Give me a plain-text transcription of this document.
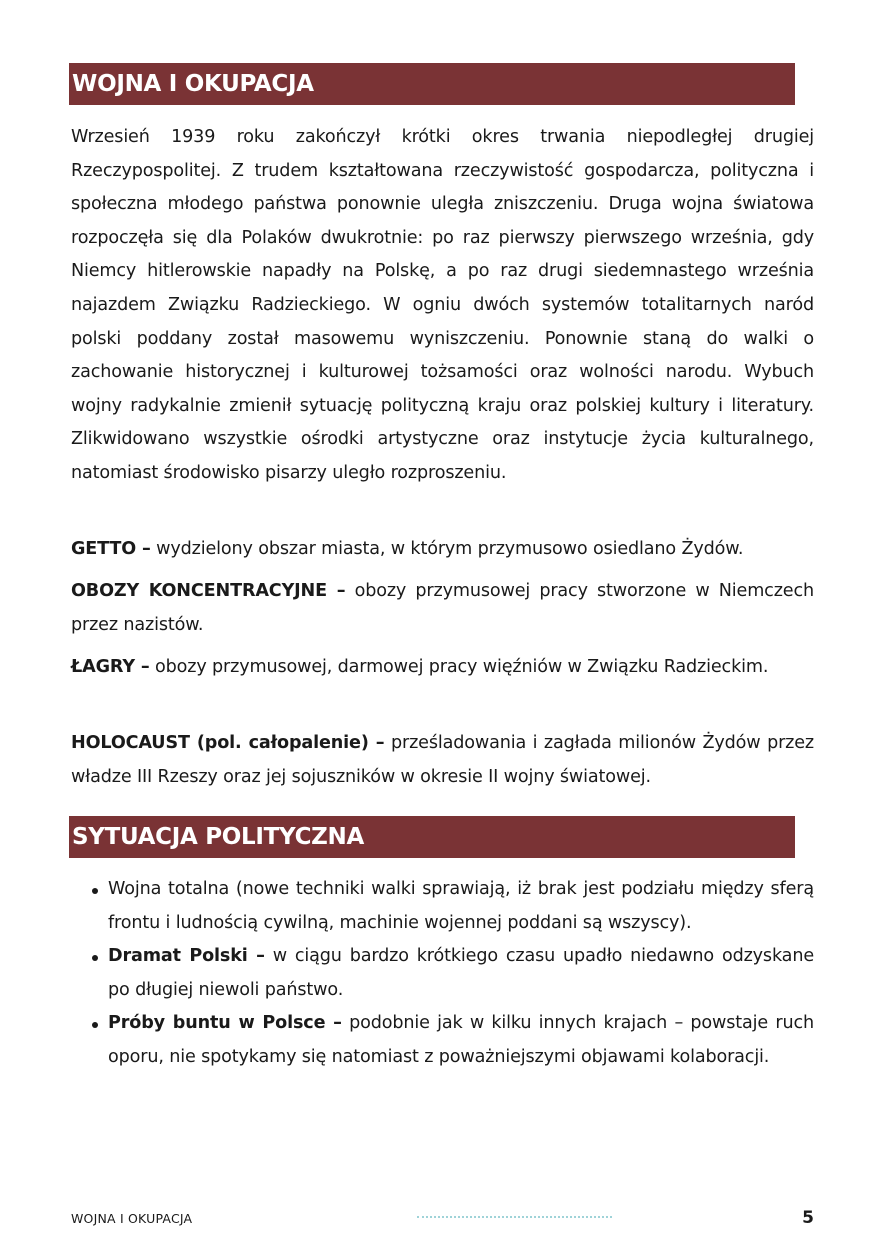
WOJNA I OKUPACJA

Wrzesień 1939 roku zakończył krótki okres trwania niepodległej drugiej Rzeczypospolitej. Z trudem kształtowana rzeczywistość gospodarcza, polityczna i społeczna młodego państwa ponownie uległa zniszczeniu. Druga wojna światowa rozpoczęła się dla Polaków dwukrotnie: po raz pierwszy pierwszego września, gdy Niemcy hitlerowskie napadły na Polskę, a po raz drugi siedemnastego września najazdem Związku Radzieckiego. W ogniu dwóch systemów totalitarnych naród polski poddany został masowemu wyniszczeniu. Ponownie staną do walki o zachowanie historycznej i kulturowej tożsamości oraz wolności narodu. Wybuch wojny radykalnie zmienił sytuację polityczną kraju oraz polskiej kultury i literatury. Zlikwidowano wszystkie ośrodki artystyczne oraz instytucje życia kulturalnego, natomiast środowisko pisarzy uległo rozproszeniu.

GETTO – wydzielony obszar miasta, w którym przymusowo osiedlano Żydów.

OBOZY KONCENTRACYJNE – obozy przymusowej pracy stworzone w Niemczech przez nazistów.

ŁAGRY – obozy przymusowej, darmowej pracy więźniów w Związku Radzieckim.

HOLOCAUST (pol. całopalenie) – prześladowania i zagłada milionów Żydów przez władze III Rzeszy oraz jej sojuszników w okresie II wojny światowej.

SYTUACJA POLITYCZNA
Wojna totalna (nowe techniki walki sprawiają, iż brak jest podziału między sferą frontu i ludnością cywilną, machinie wojennej poddani są wszyscy).
Dramat Polski – w ciągu bardzo krótkiego czasu upadło niedawno odzyskane po długiej niewoli państwo.
Próby buntu w Polsce – podobnie jak w kilku innych krajach – powstaje ruch oporu, nie spotykamy się natomiast z poważniejszymi objawami kolaboracji.
WOJNA I OKUPACJA	5
